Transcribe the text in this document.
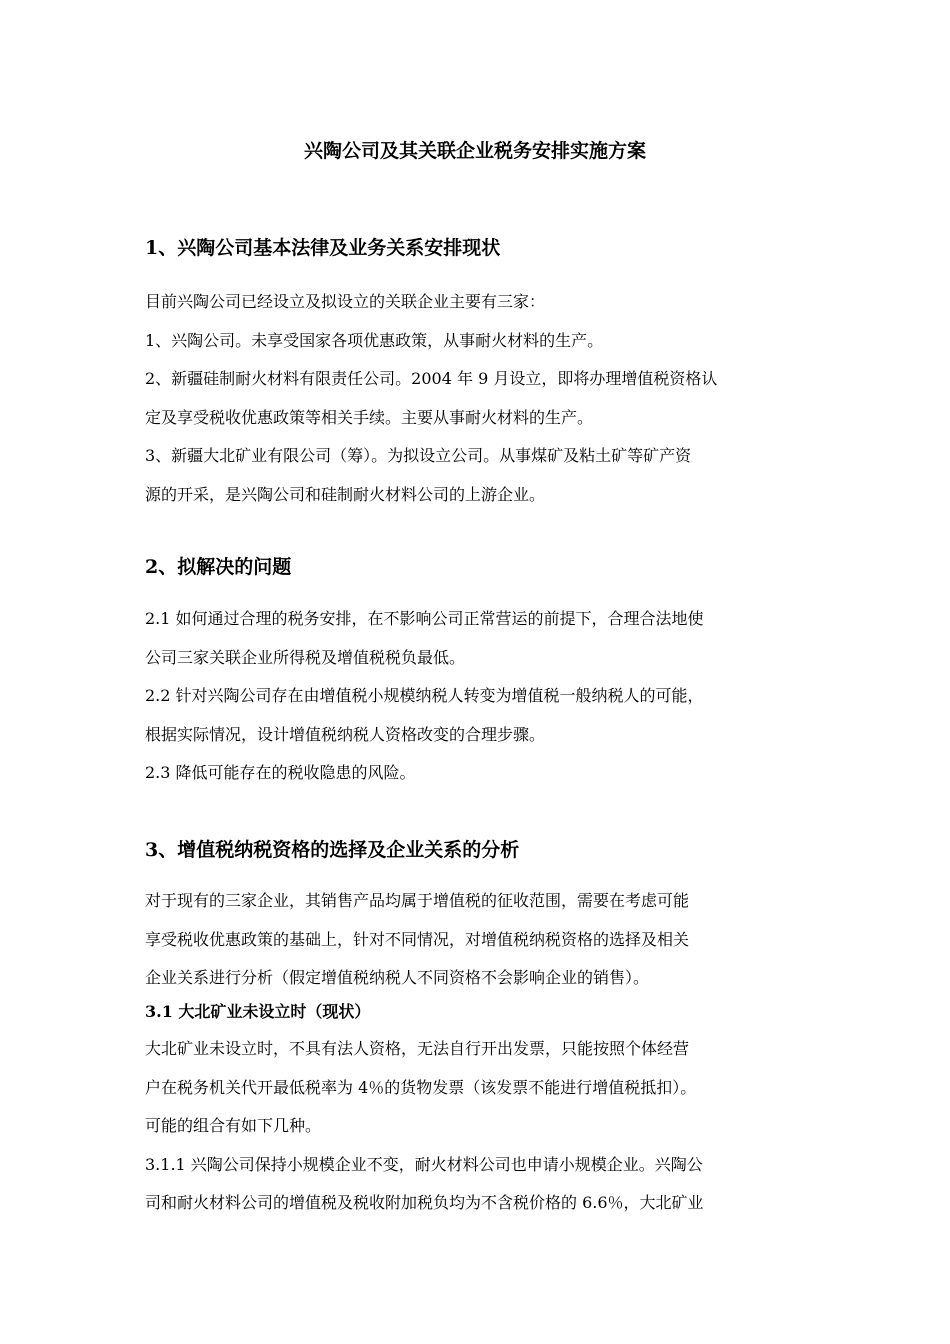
兴陶公司及其关联企业税务安排实施方案
1、兴陶公司基本法律及业务关系安排现状
目前兴陶公司已经设立及拟设立的关联企业主要有三家：
1、兴陶公司。未享受国家各项优惠政策，从事耐火材料的生产。
2、新疆硅制耐火材料有限责任公司。2004 年 9 月设立，即将办理增值税资格认
定及享受税收优惠政策等相关手续。主要从事耐火材料的生产。
3、新疆大北矿业有限公司（筹）。为拟设立公司。从事煤矿及粘土矿等矿产资
源的开采，是兴陶公司和硅制耐火材料公司的上游企业。
2、拟解决的问题
2.1 如何通过合理的税务安排，在不影响公司正常营运的前提下，合理合法地使
公司三家关联企业所得税及增值税税负最低。
2.2 针对兴陶公司存在由增值税小规模纳税人转变为增值税一般纳税人的可能，
根据实际情况，设计增值税纳税人资格改变的合理步骤。
2.3 降低可能存在的税收隐患的风险。
3、增值税纳税资格的选择及企业关系的分析
对于现有的三家企业，其销售产品均属于增值税的征收范围，需要在考虑可能
享受税收优惠政策的基础上，针对不同情况，对增值税纳税资格的选择及相关
企业关系进行分析（假定增值税纳税人不同资格不会影响企业的销售）。
3.1 大北矿业未设立时（现状）
大北矿业未设立时，不具有法人资格，无法自行开出发票，只能按照个体经营
户在税务机关代开最低税率为 4％的货物发票（该发票不能进行增值税抵扣）。
可能的组合有如下几种。
3.1.1 兴陶公司保持小规模企业不变，耐火材料公司也申请小规模企业。兴陶公
司和耐火材料公司的增值税及税收附加税负均为不含税价格的 6.6％，大北矿业
